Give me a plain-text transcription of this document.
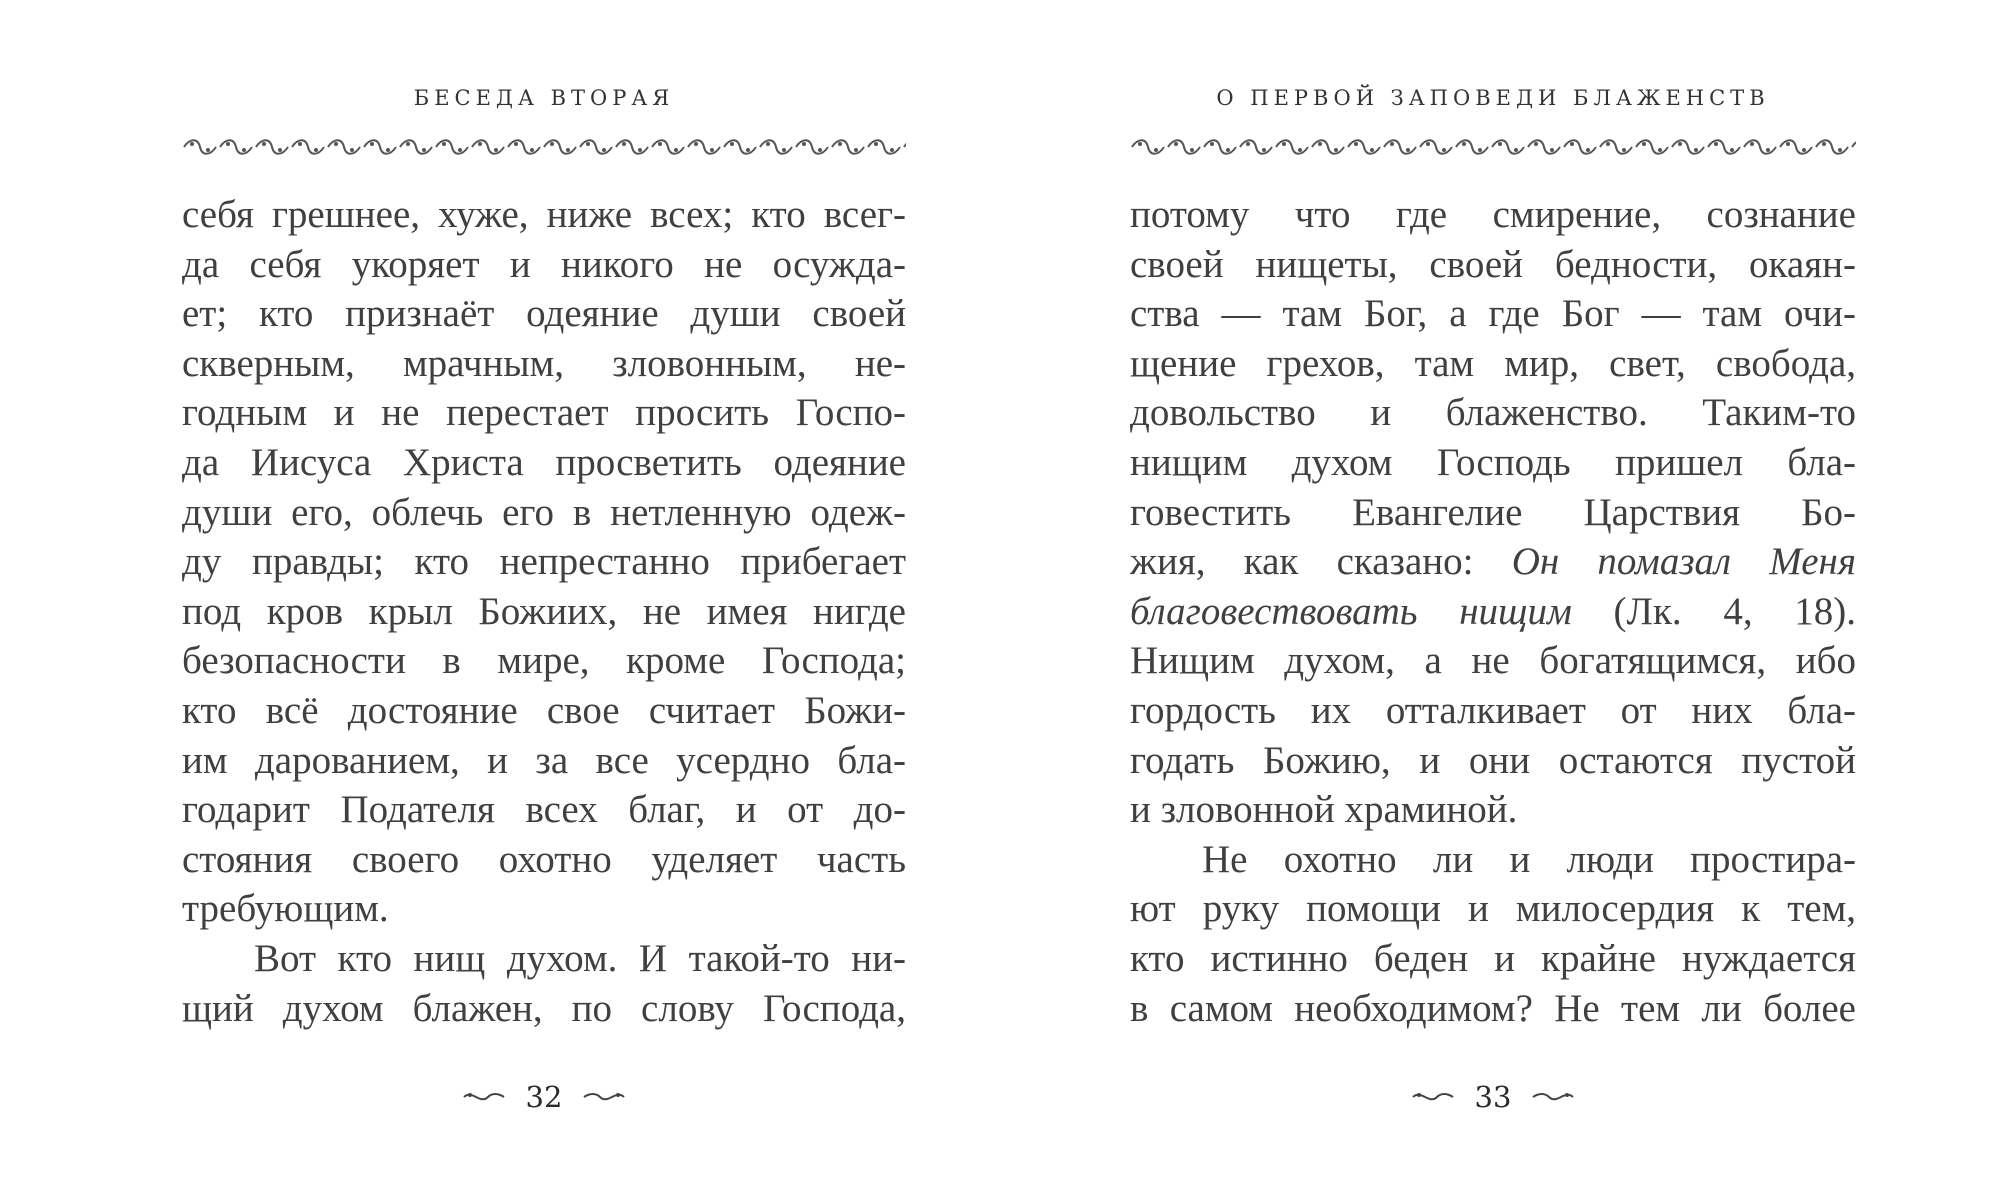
БЕСЕДА ВТОРАЯ
себя грешнее, хуже, ниже всех; кто всег-
да себя укоряет и никого не осужда-
ет; кто признаёт одеяние души своей
скверным, мрачным, зловонным, не-
годным и не перестает просить Госпо-
да Иисуса Христа просветить одеяние
души его, облечь его в нетленную одеж-
ду правды; кто непрестанно прибегает
под кров крыл Божиих, не имея нигде
безопасности в мире, кроме Господа;
кто всё достояние свое считает Божи-
им дарованием, и за все усердно бла-
годарит Подателя всех благ, и от до-
стояния своего охотно уделяет часть
требующим.
Вот кто нищ духом. И такой-то ни-
щий духом блажен, по слову Господа,
32
О ПЕРВОЙ ЗАПОВЕДИ БЛАЖЕНСТВ
потому что где смирение, сознание
своей нищеты, своей бедности, окаян-
ства — там Бог, а где Бог — там очи-
щение грехов, там мир, свет, свобода,
довольство и блаженство. Таким-то
нищим духом Господь пришел бла-
говестить Евангелие Царствия Бо-
жия, как сказано: Он помазал Меня
благовествовать нищим (Лк. 4, 18).
Нищим духом, а не богатящимся, ибо
гордость их отталкивает от них бла-
годать Божию, и они остаются пустой
и зловонной храминой.
Не охотно ли и люди простира-
ют руку помощи и милосердия к тем,
кто истинно беден и крайне нуждается
в самом необходимом? Не тем ли более
33
